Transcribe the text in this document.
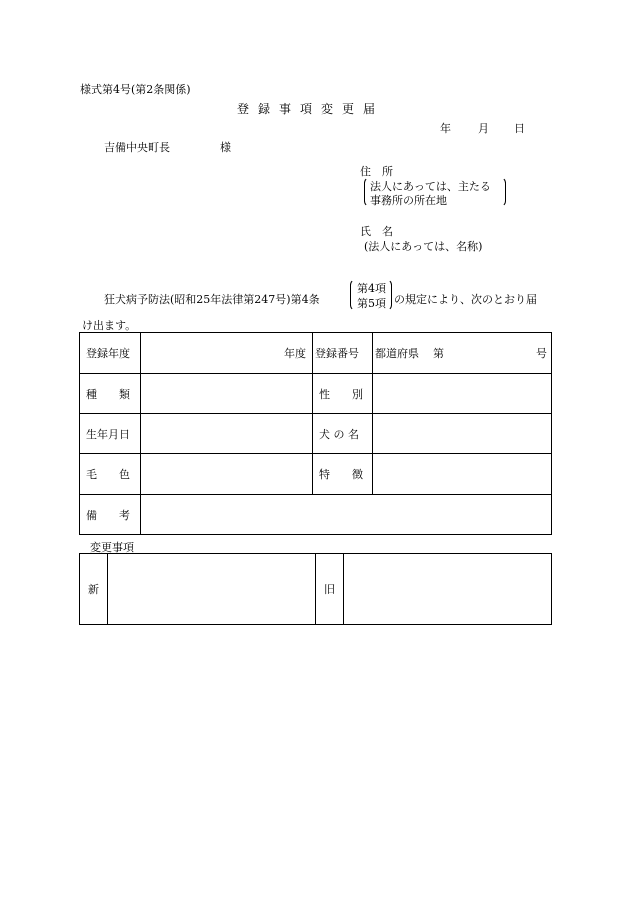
様式第4号(第2条関係)
登録事項変更届
年 月 日
吉備中央町長	様
住　所
法人にあっては、主たる
事務所の所在地
氏　名
(法人にあっては、名称)
狂犬病予防法(昭和25年法律第247号)第4条
第4項
第5項 の規定により、次のとおり届
け出ます。
登録年度	年度	登録番号	都道府県 第 号

種　　類		性　　別	
生年月日		犬 の 名	
毛　　色		特　　徴	
備　　考			
変更事項
新		旧	
